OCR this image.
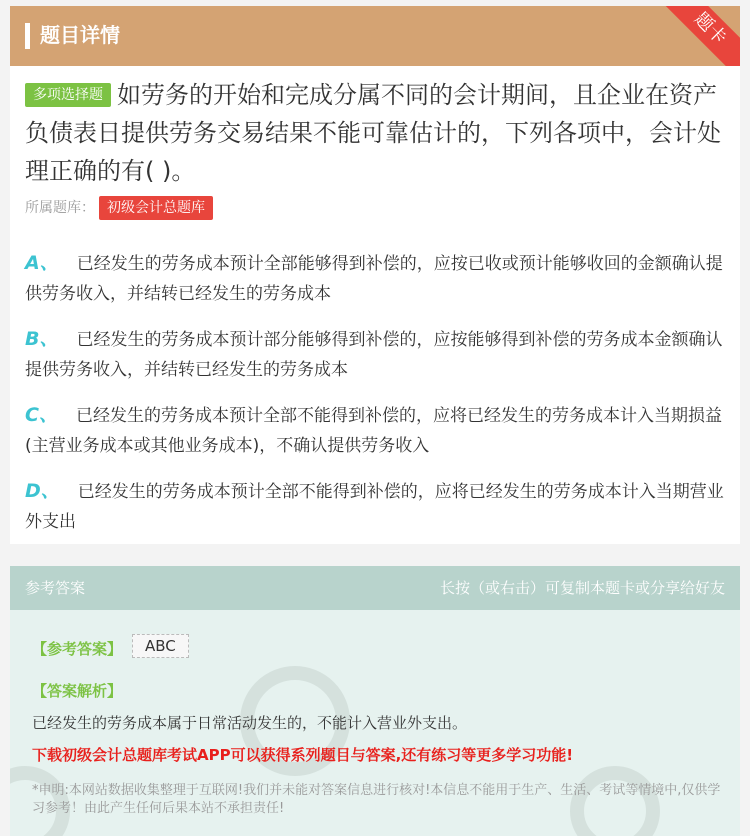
题目详情	题卡
多项选择题 如劳务的开始和完成分属不同的会计期间，且企业在资产负债表日提供劳务交易结果不能可靠估计的，下列各项中，会计处理正确的有( )。
所属题库： 初级会计总题库
A、 已经发生的劳务成本预计全部能够得到补偿的，应按已收或预计能够收回的金额确认提供劳务收入，并结转已经发生的劳务成本
B、 已经发生的劳务成本预计部分能够得到补偿的，应按能够得到补偿的劳务成本金额确认提供劳务收入，并结转已经发生的劳务成本
C、 已经发生的劳务成本预计全部不能得到补偿的，应将已经发生的劳务成本计入当期损益(主营业务成本或其他业务成本)，不确认提供劳务收入
D、 已经发生的劳务成本预计全部不能得到补偿的，应将已经发生的劳务成本计入当期营业外支出
参考答案	长按（或右击）可复制本题卡或分享给好友
【参考答案】	ABC
【答案解析】
已经发生的劳务成本属于日常活动发生的，不能计入营业外支出。
下载初级会计总题库考试APP可以获得系列题目与答案,还有练习等更多学习功能!
*申明:本网站数据收集整理于互联网!我们并未能对答案信息进行核对!本信息不能用于生产、生活、考试等情境中,仅供学习参考！由此产生任何后果本站不承担责任!
